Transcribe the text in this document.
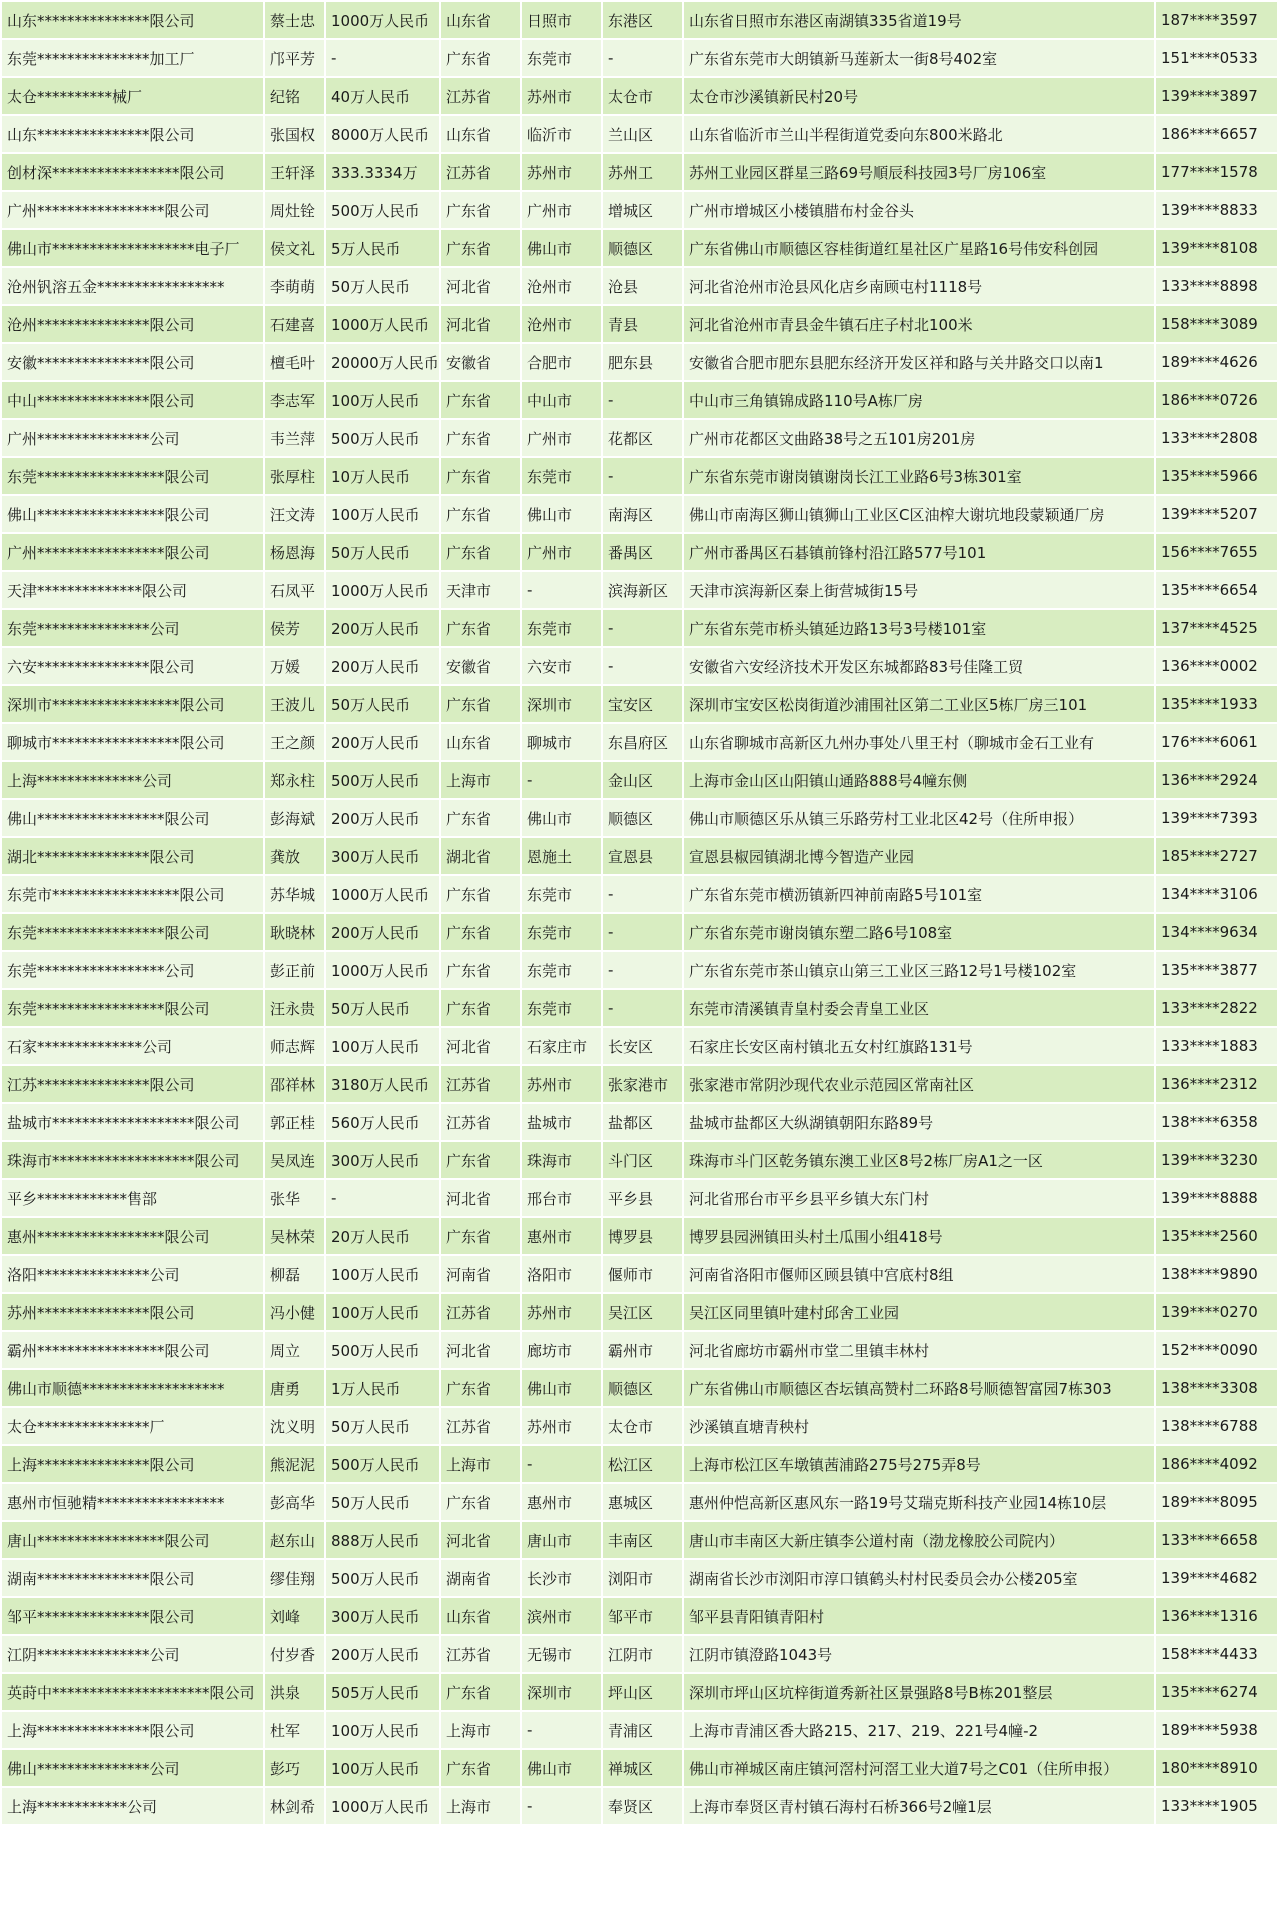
山东***************限公司	蔡士忠	1000万人民币	山东省	日照市	东港区	山东省日照市东港区南湖镇335省道19号	187****3597
东莞***************加工厂	邝平芳	-	广东省	东莞市	-	广东省东莞市大朗镇新马莲新太一街8号402室	151****0533
太仓**********械厂	纪铭	40万人民币	江苏省	苏州市	太仓市	太仓市沙溪镇新民村20号	139****3897
山东***************限公司	张国权	8000万人民币	山东省	临沂市	兰山区	山东省临沂市兰山半程街道党委向东800米路北	186****6657
创材深*****************限公司	王轩泽	333.3334万	江苏省	苏州市	苏州工	苏州工业园区群星三路69号順辰科技园3号厂房106室	177****1578
广州*****************限公司	周灶铨	500万人民币	广东省	广州市	增城区	广州市增城区小楼镇腊布村金谷头	139****8833
佛山市*******************电子厂	侯文礼	5万人民币	广东省	佛山市	顺德区	广东省佛山市顺德区容桂街道红星社区广星路16号伟安科创园	139****8108
沧州钒溶五金*****************	李萌萌	50万人民币	河北省	沧州市	沧县	河北省沧州市沧县风化店乡南顾屯村1118号	133****8898
沧州***************限公司	石建喜	1000万人民币	河北省	沧州市	青县	河北省沧州市青县金牛镇石庄子村北100米	158****3089
安徽***************限公司	檀毛叶	20000万人民币	安徽省	合肥市	肥东县	安徽省合肥市肥东县肥东经济开发区祥和路与关井路交口以南1	189****4626
中山***************限公司	李志军	100万人民币	广东省	中山市	-	中山市三角镇锦成路110号A栋厂房	186****0726
广州***************公司	韦兰萍	500万人民币	广东省	广州市	花都区	广州市花都区文曲路38号之五101房201房	133****2808
东莞*****************限公司	张厚柱	10万人民币	广东省	东莞市	-	广东省东莞市谢岗镇谢岗长江工业路6号3栋301室	135****5966
佛山*****************限公司	汪文涛	100万人民币	广东省	佛山市	南海区	佛山市南海区狮山镇狮山工业区C区油榨大谢坑地段蒙颖通厂房	139****5207
广州*****************限公司	杨恩海	50万人民币	广东省	广州市	番禺区	广州市番禺区石碁镇前锋村沿江路577号101	156****7655
天津**************限公司	石凤平	1000万人民币	天津市	-	滨海新区	天津市滨海新区秦上街营城街15号	135****6654
东莞***************公司	侯芳	200万人民币	广东省	东莞市	-	广东省东莞市桥头镇延边路13号3号楼101室	137****4525
六安***************限公司	万媛	200万人民币	安徽省	六安市	-	安徽省六安经济技术开发区东城都路83号佳隆工贸	136****0002
深圳市*****************限公司	王波儿	50万人民币	广东省	深圳市	宝安区	深圳市宝安区松岗街道沙浦围社区第二工业区5栋厂房三101	135****1933
聊城市*****************限公司	王之颜	200万人民币	山东省	聊城市	东昌府区	山东省聊城市高新区九州办事处八里王村（聊城市金石工业有	176****6061
上海**************公司	郑永柱	500万人民币	上海市	-	金山区	上海市金山区山阳镇山通路888号4幢东侧	136****2924
佛山*****************限公司	彭海斌	200万人民币	广东省	佛山市	顺德区	佛山市顺德区乐从镇三乐路劳村工业北区42号（住所申报）	139****7393
湖北***************限公司	龚放	300万人民币	湖北省	恩施土	宣恩县	宣恩县椒园镇湖北博今智造产业园	185****2727
东莞市*****************限公司	苏华城	1000万人民币	广东省	东莞市	-	广东省东莞市横沥镇新四神前南路5号101室	134****3106
东莞*****************限公司	耿晓林	200万人民币	广东省	东莞市	-	广东省东莞市谢岗镇东塑二路6号108室	134****9634
东莞*****************公司	彭正前	1000万人民币	广东省	东莞市	-	广东省东莞市茶山镇京山第三工业区三路12号1号楼102室	135****3877
东莞*****************限公司	汪永贵	50万人民币	广东省	东莞市	-	东莞市清溪镇青皇村委会青皇工业区	133****2822
石家**************公司	师志辉	100万人民币	河北省	石家庄市	长安区	石家庄长安区南村镇北五女村红旗路131号	133****1883
江苏***************限公司	邵祥林	3180万人民币	江苏省	苏州市	张家港市	张家港市常阴沙现代农业示范园区常南社区	136****2312
盐城市*******************限公司	郭正桂	560万人民币	江苏省	盐城市	盐都区	盐城市盐都区大纵湖镇朝阳东路89号	138****6358
珠海市*******************限公司	吴凤连	300万人民币	广东省	珠海市	斗门区	珠海市斗门区乾务镇东澳工业区8号2栋厂房A1之一区	139****3230
平乡************售部	张华	-	河北省	邢台市	平乡县	河北省邢台市平乡县平乡镇大东门村	139****8888
惠州*****************限公司	吴林荣	20万人民币	广东省	惠州市	博罗县	博罗县园洲镇田头村土瓜围小组418号	135****2560
洛阳***************公司	柳磊	100万人民币	河南省	洛阳市	偃师市	河南省洛阳市偃师区顾县镇中宫底村8组	138****9890
苏州***************限公司	冯小健	100万人民币	江苏省	苏州市	吴江区	吴江区同里镇叶建村邱舍工业园	139****0270
霸州*****************限公司	周立	500万人民币	河北省	廊坊市	霸州市	河北省廊坊市霸州市堂二里镇丰林村	152****0090
佛山市顺德*******************	唐勇	1万人民币	广东省	佛山市	顺德区	广东省佛山市顺德区杏坛镇高赞村二环路8号顺德智富园7栋303	138****3308
太仓***************厂	沈义明	50万人民币	江苏省	苏州市	太仓市	沙溪镇直塘青秧村	138****6788
上海***************限公司	熊泥泥	500万人民币	上海市	-	松江区	上海市松江区车墩镇茜浦路275号275弄8号	186****4092
惠州市恒驰精*****************	彭高华	50万人民币	广东省	惠州市	惠城区	惠州仲恺高新区惠风东一路19号艾瑞克斯科技产业园14栋10层	189****8095
唐山*****************限公司	赵东山	888万人民币	河北省	唐山市	丰南区	唐山市丰南区大新庄镇李公道村南（渤龙橡胶公司院内）	133****6658
湖南***************限公司	缪佳翔	500万人民币	湖南省	长沙市	浏阳市	湖南省长沙市浏阳市淳口镇鹤头村村民委员会办公楼205室	139****4682
邹平***************限公司	刘峰	300万人民币	山东省	滨州市	邹平市	邹平县青阳镇青阳村	136****1316
江阴***************公司	付岁香	200万人民币	江苏省	无锡市	江阴市	江阴市镇澄路1043号	158****4433
英莳中*********************限公司	洪泉	505万人民币	广东省	深圳市	坪山区	深圳市坪山区坑梓街道秀新社区景强路8号B栋201整层	135****6274
上海***************限公司	杜军	100万人民币	上海市	-	青浦区	上海市青浦区香大路215、217、219、221号4幢-2	189****5938
佛山***************公司	彭巧	100万人民币	广东省	佛山市	禅城区	佛山市禅城区南庄镇河滘村河滘工业大道7号之C01（住所申报）	180****8910
上海************公司	林剑希	1000万人民币	上海市	-	奉贤区	上海市奉贤区青村镇石海村石桥366号2幢1层	133****1905
